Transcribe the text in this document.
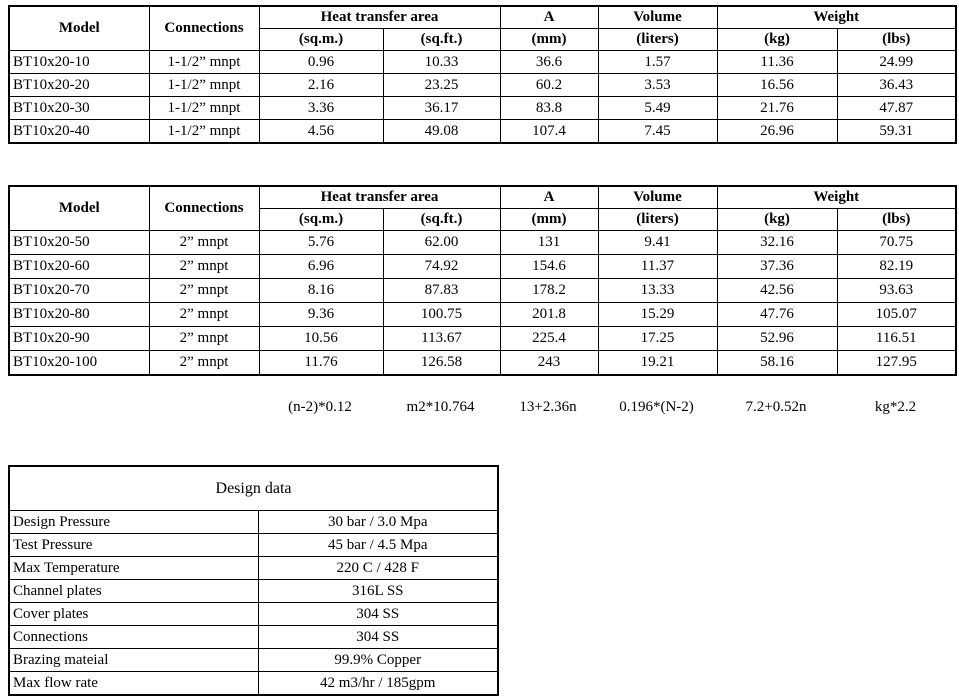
Model	Connections	Heat transfer area		A	Volume	Weight	
		(sq.m.)	(sq.ft.)	(mm)	(liters)	(kg)	(lbs)
BT10x20-10	1-1/2” mnpt	0.96	10.33	36.6	1.57	11.36	24.99
BT10x20-20	1-1/2” mnpt	2.16	23.25	60.2	3.53	16.56	36.43
BT10x20-30	1-1/2” mnpt	3.36	36.17	83.8	5.49	21.76	47.87
BT10x20-40	1-1/2” mnpt	4.56	49.08	107.4	7.45	26.96	59.31
Model	Connections	Heat transfer area		A	Volume	Weight	
		(sq.m.)	(sq.ft.)	(mm)	(liters)	(kg)	(lbs)
BT10x20-50	2” mnpt	5.76	62.00	131	9.41	32.16	70.75
BT10x20-60	2” mnpt	6.96	74.92	154.6	11.37	37.36	82.19
BT10x20-70	2” mnpt	8.16	87.83	178.2	13.33	42.56	93.63
BT10x20-80	2” mnpt	9.36	100.75	201.8	15.29	47.76	105.07
BT10x20-90	2” mnpt	10.56	113.67	225.4	17.25	52.96	116.51
BT10x20-100	2” mnpt	11.76	126.58	243	19.21	58.16	127.95
		(n-2)*0.12	m2*10.764	13+2.36n	0.196*(N-2)	7.2+0.52n	kg*2.2
Design data	
Design Pressure	30 bar / 3.0 Mpa
Test Pressure	45 bar / 4.5 Mpa
Max Temperature	220 C / 428 F
Channel plates	316L SS
Cover plates	304 SS
Connections	304 SS
Brazing mateial	99.9% Copper
Max flow rate	42 m3/hr / 185gpm
